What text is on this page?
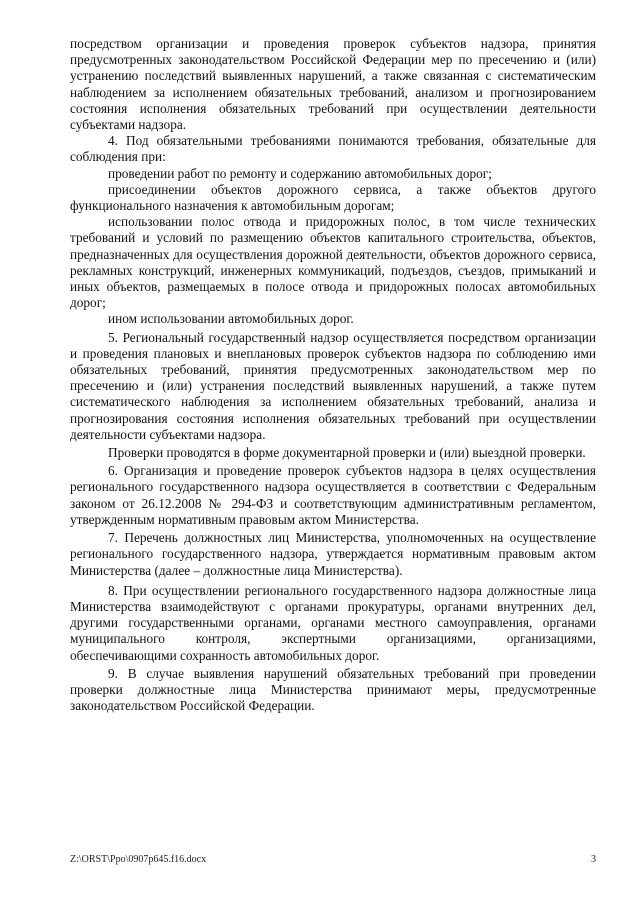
посредством организации и проведения проверок субъектов надзора, принятия предусмотренных законодательством Российской Федерации мер по пресечению и (или) устранению последствий выявленных нарушений, а также связанная с систематическим наблюдением за исполнением обязательных требований, анализом и прогнозированием состояния исполнения обязательных требований при осуществлении деятельности субъектами надзора.

4. Под обязательными требованиями понимаются требования, обязательные для соблюдения при:

проведении работ по ремонту и содержанию автомобильных дорог;

присоединении объектов дорожного сервиса, а также объектов другого функционального назначения к автомобильным дорогам;

использовании полос отвода и придорожных полос, в том числе технических требований и условий по размещению объектов капитального строительства, объектов, предназначенных для осуществления дорожной деятельности, объектов дорожного сервиса, рекламных конструкций, инженерных коммуникаций, подъездов, съездов, примыканий и иных объектов, размещаемых в полосе отвода и придорожных полосах автомобильных дорог;

ином использовании автомобильных дорог.

5. Региональный государственный надзор осуществляется посредством организации и проведения плановых и внеплановых проверок субъектов надзора по соблюдению ими обязательных требований, принятия предусмотренных законодательством мер по пресечению и (или) устранения последствий выявленных нарушений, а также путем систематического наблюдения за исполнением обязательных требований, анализа и прогнозирования состояния исполнения обязательных требований при осуществлении деятельности субъектами надзора.

Проверки проводятся в форме документарной проверки и (или) выездной проверки.

6. Организация и проведение проверок субъектов надзора в целях осуществления регионального государственного надзора осуществляется в соответствии с Федеральным законом от 26.12.2008 № 294-ФЗ и соответствующим административным регламентом, утвержденным нормативным правовым актом Министерства.

7. Перечень должностных лиц Министерства, уполномоченных на осуществление регионального государственного надзора, утверждается нормативным правовым актом Министерства (далее – должностные лица Министерства).

8. При осуществлении регионального государственного надзора должностные лица Министерства взаимодействуют с органами прокуратуры, органами внутренних дел, другими государственными органами, органами местного самоуправления, органами муниципального контроля, экспертными организациями, организациями, обеспечивающими сохранность автомобильных дорог.

9. В случае выявления нарушений обязательных требований при проведении проверки должностные лица Министерства принимают меры, предусмотренные законодательством Российской Федерации.

Z:\ORST\Ppo\0907p645.f16.docx	3
